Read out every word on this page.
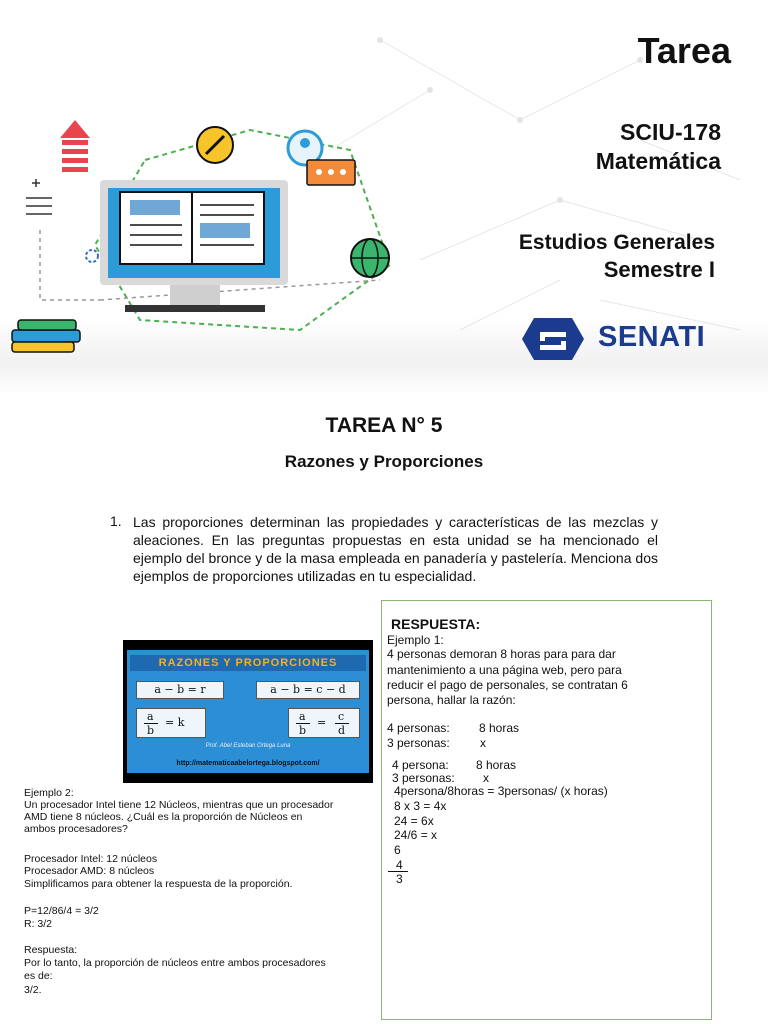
Tarea
SCIU-178
Matemática
Estudios Generales
Semestre I
SENATI
TAREA N° 5
Razones y Proporciones
1. Las proporciones determinan las propiedades y características de las mezclas y aleaciones. En las preguntas propuestas en esta unidad se ha mencionado el ejemplo del bronce y de la masa empleada en panadería y pastelería. Menciona dos ejemplos de proporciones utilizadas en tu especialidad.
RAZONES Y PROPORCIONES
a − b = r	a − b = c − d
a
b
= k	a
b
= c
d
Prof. Abel Esteban Ortega Luna
http://matematicaabelortega.blogspot.com/
RESPUESTA:
Ejemplo 1:
4 personas demoran 8 horas para para dar
mantenimiento a una página web, pero para
reducir el pago de personales, se contratan 6
persona, hallar la razón:
4 personas: 8 horas
3 personas:	x
4 persona: 8 horas
3 personas: x
4persona/8horas = 3personas/ (x horas)
8 x 3 = 4x
24 = 6x
24/6 = x
6
4
3
Ejemplo 2:
Un procesador Intel tiene 12 Núcleos, mientras que un procesador
AMD tiene 8 núcleos. ¿Cuál es la proporción de Núcleos en
ambos procesadores?
Procesador Intel: 12 núcleos
Procesador AMD: 8 núcleos
Simplificamos para obtener la respuesta de la proporción.
P=12/86/4 = 3/2
R: 3/2
Respuesta:
Por lo tanto, la proporción de núcleos entre ambos procesadores
es de:
3/2.
